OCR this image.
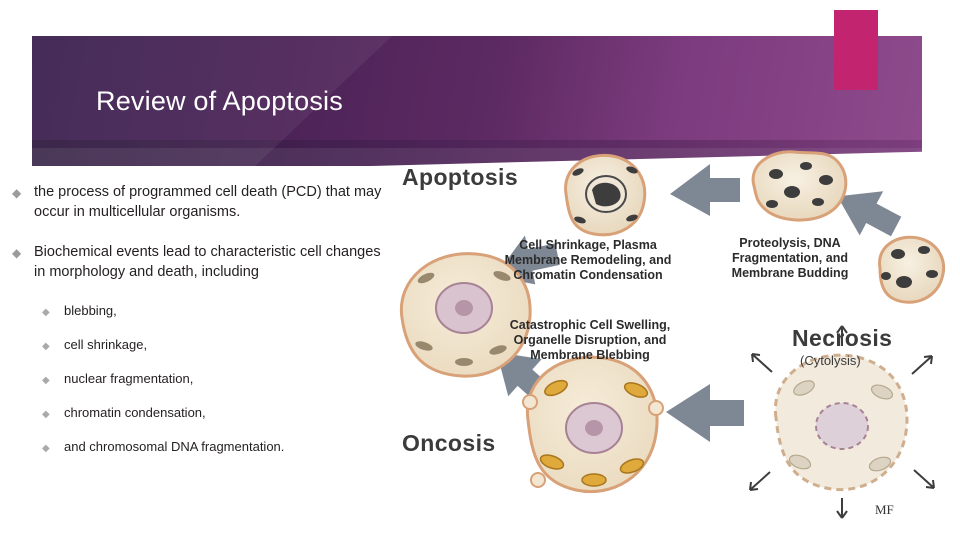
Review of Apoptosis
◆ the process of programmed cell death (PCD) that may occur in multicellular organisms.
◆ Biochemical events lead to characteristic cell changes in morphology and death, including
◆	blebbing,
◆	cell shrinkage,
◆	nuclear fragmentation,
◆	chromatin condensation,
◆	and chromosomal DNA fragmentation.
Apoptosis
Necrosis
(Cytolysis)
Oncosis
Cell Shrinkage, Plasma Membrane Remodeling, and Chromatin Condensation
Proteolysis, DNA Fragmentation, and Membrane Budding
Catastrophic Cell Swelling, Organelle Disruption, and Membrane Blebbing
MF
